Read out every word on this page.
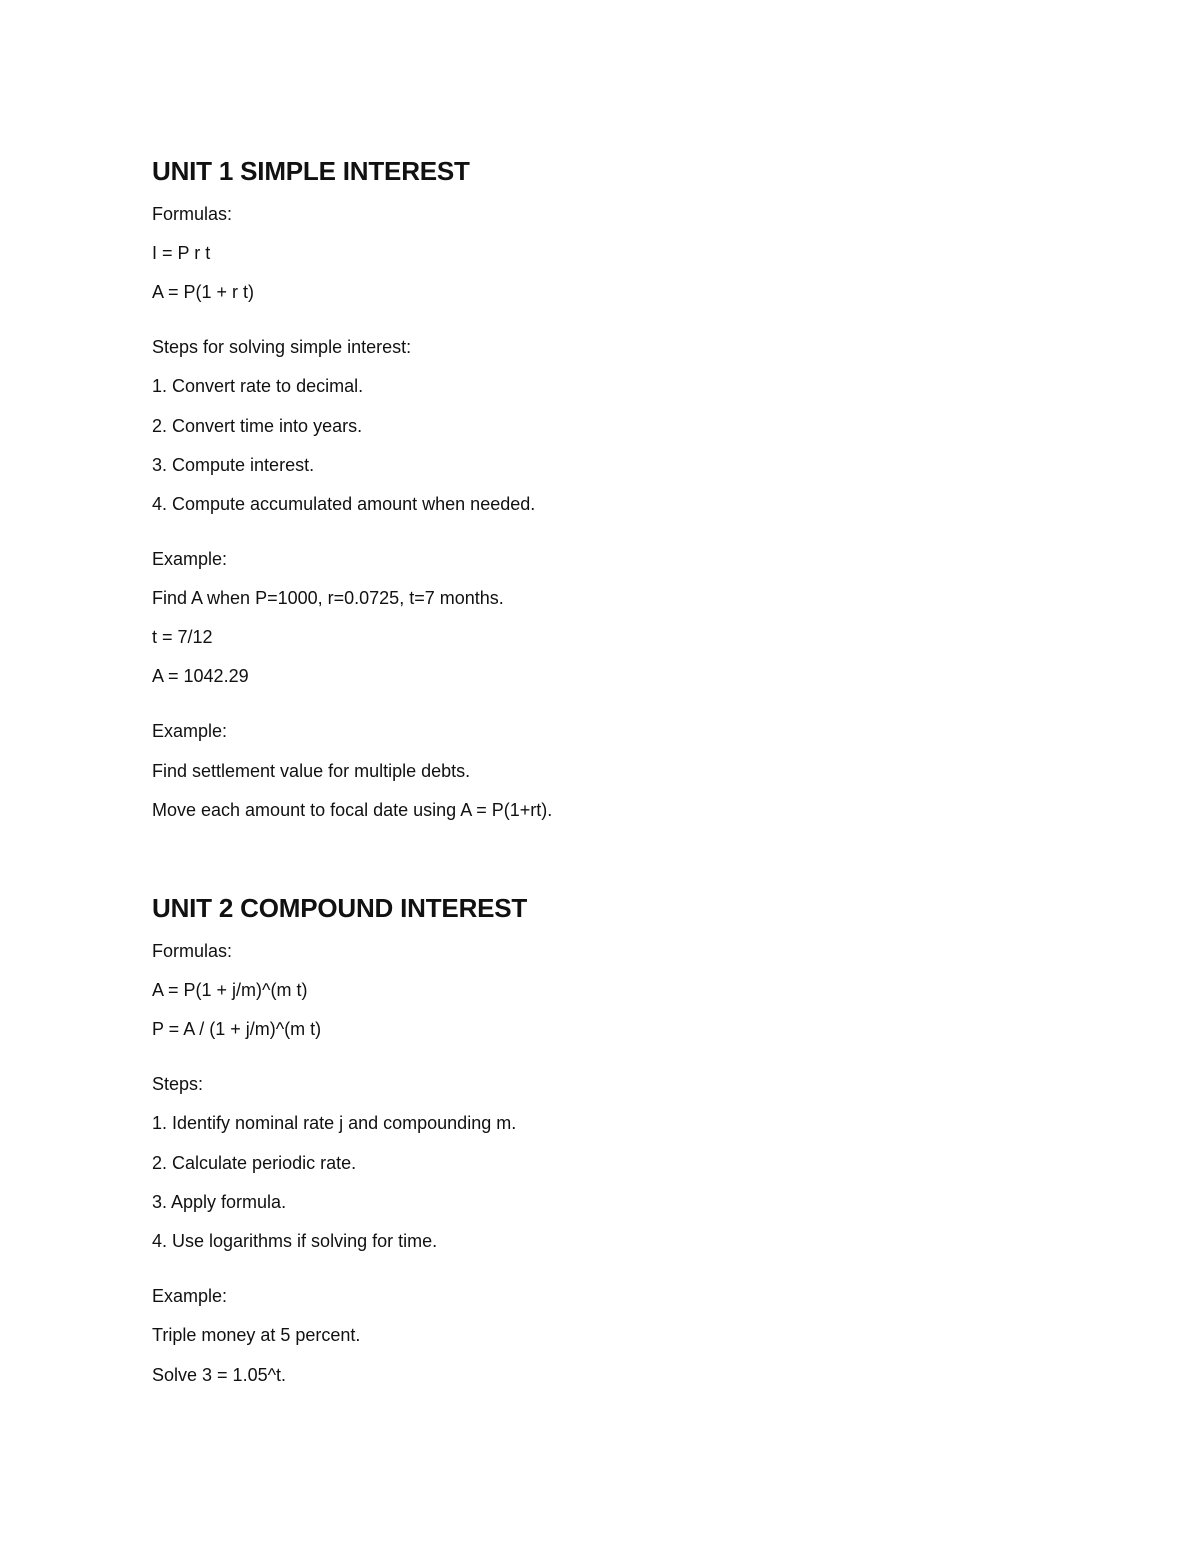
UNIT 1 SIMPLE INTEREST

Formulas:

I = P r t

A = P(1 + r t)

Steps for solving simple interest:

1. Convert rate to decimal.

2. Convert time into years.

3. Compute interest.

4. Compute accumulated amount when needed.

Example:

Find A when P=1000, r=0.0725, t=7 months.

t = 7/12

A = 1042.29

Example:

Find settlement value for multiple debts.

Move each amount to focal date using A = P(1+rt).

UNIT 2 COMPOUND INTEREST

Formulas:

A = P(1 + j/m)^(m t)

P = A / (1 + j/m)^(m t)

Steps:

1. Identify nominal rate j and compounding m.

2. Calculate periodic rate.

3. Apply formula.

4. Use logarithms if solving for time.

Example:

Triple money at 5 percent.

Solve 3 = 1.05^t.
